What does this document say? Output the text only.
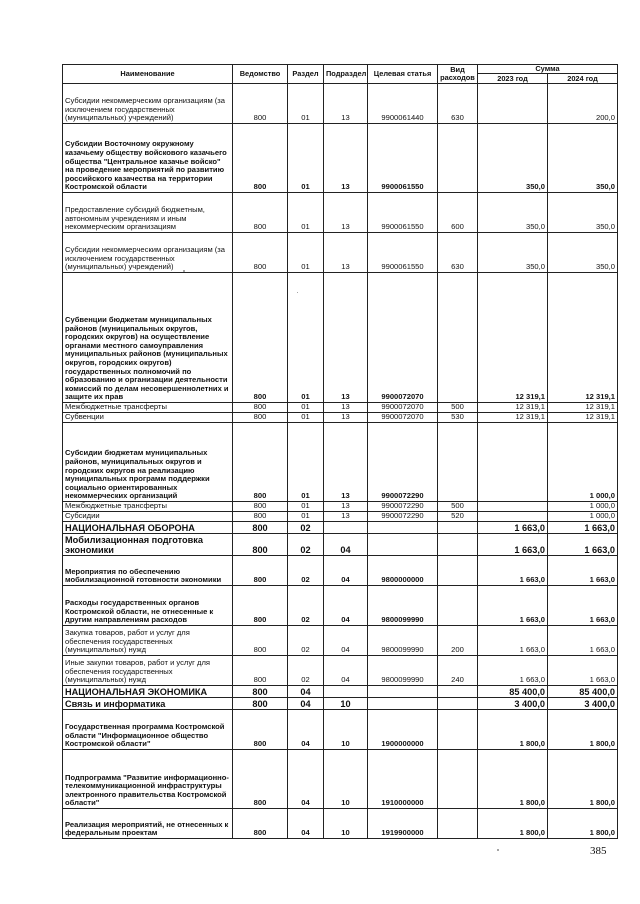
Наименование	Ведомство	Раздел	Подраздел	Целевая статья	Вид расходов	Сумма	
						2023 год	2024 год
Субсидии некоммерческим организациям (за исключением государственных (муниципальных) учреждений)	800	01	13	9900061440	630		200,0
Субсидии Восточному окружному казачьему обществу войскового казачьего общества "Центральное казачье войско" на проведение мероприятий по развитию российского казачества на территории Костромской области	800	01	13	9900061550		350,0	350,0
Предоставление субсидий бюджетным, автономным учреждениям и иным некоммерческим организациям	800	01	13	9900061550	600	350,0	350,0
Субсидии некоммерческим организациям (за исключением государственных (муниципальных) учреждений)	800	01	13	9900061550	630	350,0	350,0
Субвенции бюджетам муниципальных районов (муниципальных округов, городских округов) на осуществление органами местного самоуправления муниципальных районов (муниципальных округов, городских округов) государственных полномочий по образованию и организации деятельности комиссий по делам несовершеннолетних и защите их прав	800	01	13	9900072070		12 319,1	12 319,1
Межбюджетные трансферты	800	01	13	9900072070	500	12 319,1	12 319,1
Субвенции	800	01	13	9900072070	530	12 319,1	12 319,1
Субсидии бюджетам муниципальных районов, муниципальных округов и городских округов на реализацию муниципальных программ поддержки социально ориентированных некоммерческих организаций	800	01	13	9900072290			1 000,0
Межбюджетные трансферты	800	01	13	9900072290	500		1 000,0
Субсидии	800	01	13	9900072290	520		1 000,0
НАЦИОНАЛЬНАЯ ОБОРОНА	800	02				1 663,0	1 663,0
Мобилизационная подготовка экономики	800	02	04			1 663,0	1 663,0
Мероприятия по обеспечению мобилизационной готовности экономики	800	02	04	9800000000		1 663,0	1 663,0
Расходы государственных органов Костромской области, не отнесенные к другим направлениям расходов	800	02	04	9800099990		1 663,0	1 663,0
Закупка товаров, работ и услуг для обеспечения государственных (муниципальных) нужд	800	02	04	9800099990	200	1 663,0	1 663,0
Иные закупки товаров, работ и услуг для обеспечения государственных (муниципальных) нужд	800	02	04	9800099990	240	1 663,0	1 663,0
НАЦИОНАЛЬНАЯ ЭКОНОМИКА	800	04				85 400,0	85 400,0
Связь и информатика	800	04	10			3 400,0	3 400,0
Государственная программа Костромской области "Информационное общество Костромской области"	800	04	10	1900000000		1 800,0	1 800,0
Подпрограмма "Развитие информационно-телекоммуникационной инфраструктуры электронного правительства Костромской области"	800	04	10	1910000000		1 800,0	1 800,0
Реализация мероприятий, не отнесенных к федеральным проектам	800	04	10	1919900000		1 800,0	1 800,0
385
